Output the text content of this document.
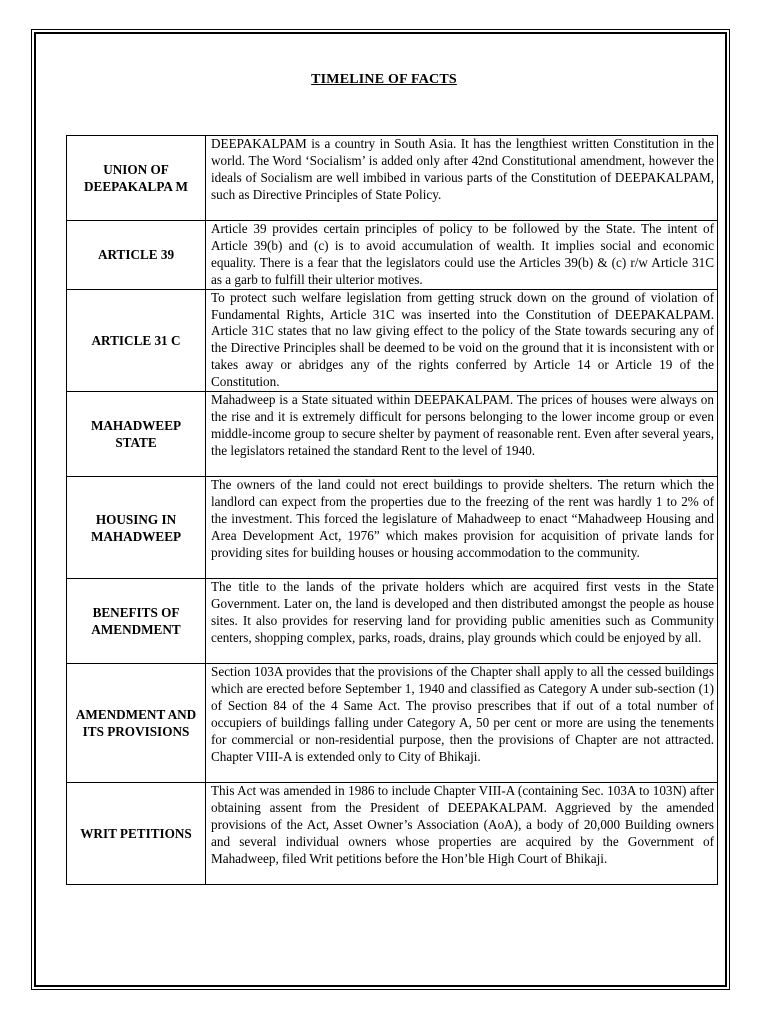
TIMELINE OF FACTS
UNION OF DEEPAKALPA M	DEEPAKALPAM is a country in South Asia. It has the lengthiest written Constitution in the world. The Word ‘Socialism’ is added only after 42nd Constitutional amendment, however the ideals of Socialism are well imbibed in various parts of the Constitution of DEEPAKALPAM, such as Directive Principles of State Policy.
ARTICLE 39	Article 39 provides certain principles of policy to be followed by the State. The intent of Article 39(b) and (c) is to avoid accumulation of wealth. It implies social and economic equality. There is a fear that the legislators could use the Articles 39(b) & (c) r/w Article 31C as a garb to fulfill their ulterior motives.
ARTICLE 31 C	To protect such welfare legislation from getting struck down on the ground of violation of Fundamental Rights, Article 31C was inserted into the Constitution of DEEPAKALPAM. Article 31C states that no law giving effect to the policy of the State towards securing any of the Directive Principles shall be deemed to be void on the ground that it is inconsistent with or takes away or abridges any of the rights conferred by Article 14 or Article 19 of the Constitution.
MAHADWEEP STATE	Mahadweep is a State situated within DEEPAKALPAM. The prices of houses were always on the rise and it is extremely difficult for persons belonging to the lower income group or even middle-income group to secure shelter by payment of reasonable rent. Even after several years, the legislators retained the standard Rent to the level of 1940.
HOUSING IN MAHADWEEP	The owners of the land could not erect buildings to provide shelters. The return which the landlord can expect from the properties due to the freezing of the rent was hardly 1 to 2% of the investment. This forced the legislature of Mahadweep to enact “Mahadweep Housing and Area Development Act, 1976” which makes provision for acquisition of private lands for providing sites for building houses or housing accommodation to the community.
BENEFITS OF AMENDMENT	The title to the lands of the private holders which are acquired first vests in the State Government. Later on, the land is developed and then distributed amongst the people as house sites. It also provides for reserving land for providing public amenities such as Community centers, shopping complex, parks, roads, drains, play grounds which could be enjoyed by all.
AMENDMENT AND ITS PROVISIONS	Section 103A provides that the provisions of the Chapter shall apply to all the cessed buildings which are erected before September 1, 1940 and classified as Category A under sub-section (1) of Section 84 of the 4 Same Act. The proviso prescribes that if out of a total number of occupiers of buildings falling under Category A, 50 per cent or more are using the tenements for commercial or non-residential purpose, then the provisions of Chapter are not attracted. Chapter VIII-A is extended only to City of Bhikaji.
WRIT PETITIONS	This Act was amended in 1986 to include Chapter VIII-A (containing Sec. 103A to 103N) after obtaining assent from the President of DEEPAKALPAM. Aggrieved by the amended provisions of the Act, Asset Owner’s Association (AoA), a body of 20,000 Building owners and several individual owners whose properties are acquired by the Government of Mahadweep, filed Writ petitions before the Hon’ble High Court of Bhikaji.
